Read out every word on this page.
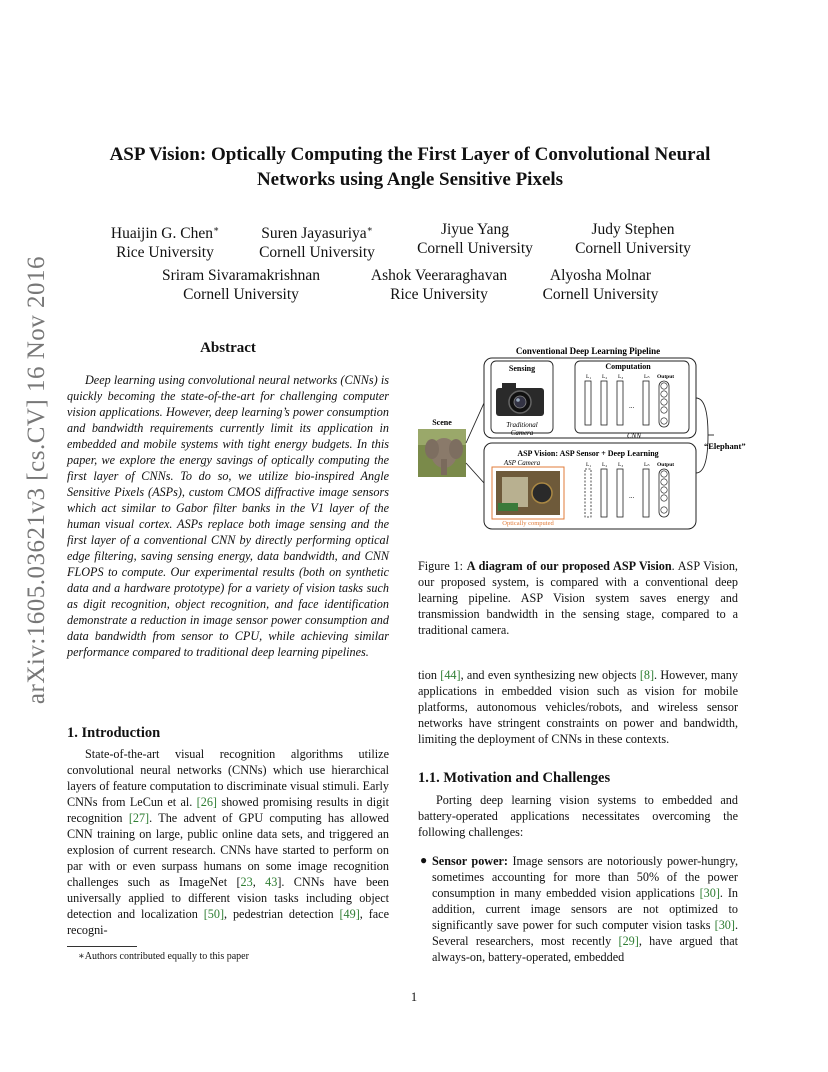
arXiv:1605.03621v3 [cs.CV] 16 Nov 2016
ASP Vision: Optically Computing the First Layer of Convolutional Neural
Networks using Angle Sensitive Pixels
Huaijin G. Chen∗
Rice University
Suren Jayasuriya∗
Cornell University
Jiyue Yang
Cornell University
Judy Stephen
Cornell University
Sriram Sivaramakrishnan
Cornell University
Ashok Veeraraghavan
Rice University
Alyosha Molnar
Cornell University
Abstract
Deep learning using convolutional neural networks (CNNs) is quickly becoming the state-of-the-art for challenging computer vision applications. However, deep learning’s power consumption and bandwidth requirements currently limit its application in embedded and mobile systems with tight energy budgets. In this paper, we explore the energy savings of optically computing the first layer of CNNs. To do so, we utilize bio-inspired Angle Sensitive Pixels (ASPs), custom CMOS diffractive image sensors which act similar to Gabor filter banks in the V1 layer of the human visual cortex. ASPs replace both image sensing and the first layer of a conventional CNN by directly performing optical edge filtering, saving sensing energy, data bandwidth, and CNN FLOPS to compute. Our experimental results (both on synthetic data and a hardware prototype) for a variety of vision tasks such as digit recognition, object recognition, and face identification demonstrate a reduction in image sensor power consumption and data bandwidth from sensor to CPU, while achieving similar performance compared to traditional deep learning pipelines.
1. Introduction
State-of-the-art visual recognition algorithms utilize convolutional neural networks (CNNs) which use hierarchical layers of feature computation to discriminate visual stimuli. Early CNNs from LeCun et al. [26] showed promising results in digit recognition [27]. The advent of GPU computing has allowed CNN training on large, public online data sets, and triggered an explosion of current research. CNNs have started to perform on par with or even surpass humans on some image recognition challenges such as ImageNet [23, 43]. CNNs have been universally applied to different vision tasks including object detection and localization [50], pedestrian detection [49], face recogni-
∗Authors contributed equally to this paper
Conventional Deep Learning Pipeline
Sensing
Traditional
Camera
Computation
L₁ L₂ L₃	Lₙ Output
...
CNN
Scene
“Elephant”
ASP Vision: ASP Sensor + Deep Learning
ASP Camera
Optically computed
L₁ L₂ L₃	Lₙ Output
...
Figure 1: A diagram of our proposed ASP Vision. ASP Vision, our proposed system, is compared with a conventional deep learning pipeline. ASP Vision system saves energy and transmission bandwidth in the sensing stage, compared to a traditional camera.
tion [44], and even synthesizing new objects [8]. However, many applications in embedded vision such as vision for mobile platforms, autonomous vehicles/robots, and wireless sensor networks have stringent constraints on power and bandwidth, limiting the deployment of CNNs in these contexts.
1.1. Motivation and Challenges
Porting deep learning vision systems to embedded and battery-operated applications necessitates overcoming the following challenges:
● Sensor power: Image sensors are notoriously power-hungry, sometimes accounting for more than 50% of the power consumption in many embedded vision applications [30]. In addition, current image sensors are not optimized to significantly save power for such computer vision tasks [30]. Several researchers, most recently [29], have argued that always-on, battery-operated, embedded
1
